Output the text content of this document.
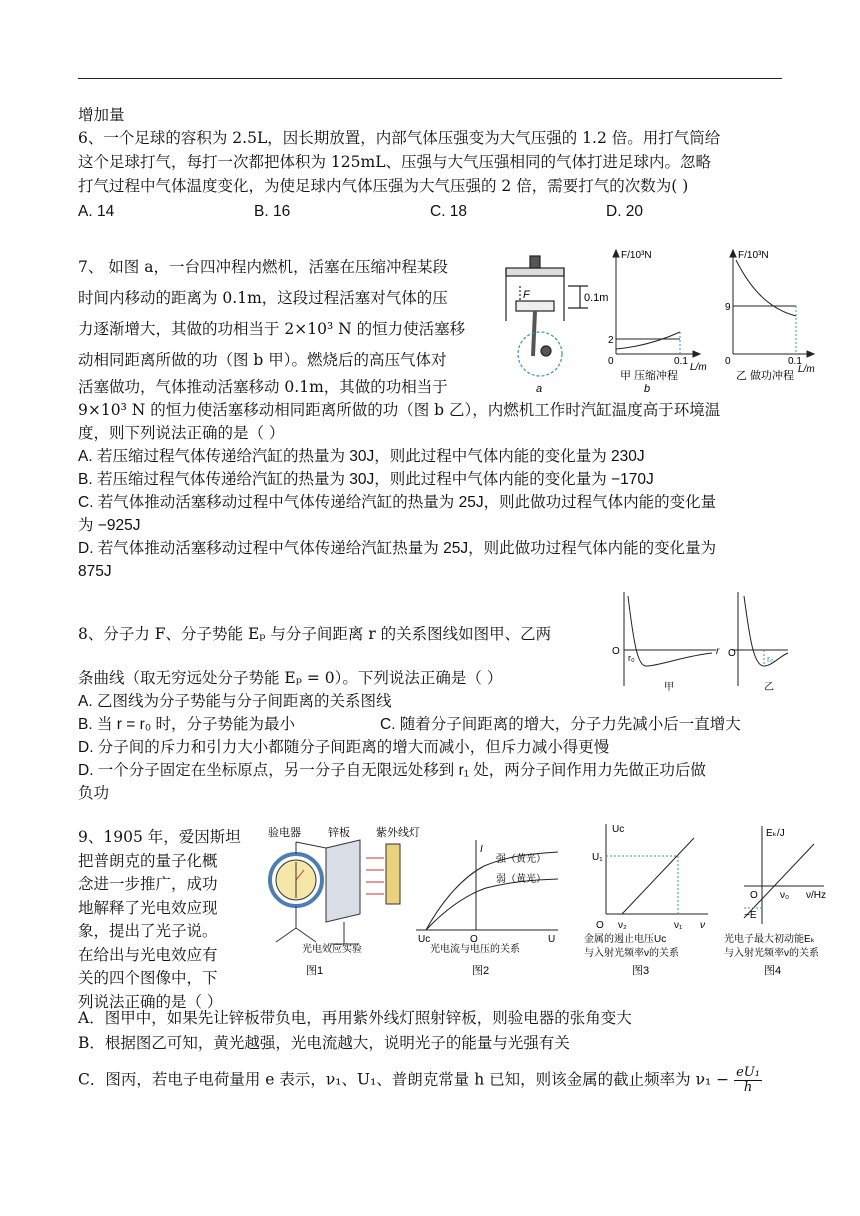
增加量
6、一个足球的容积为 2.5L，因长期放置，内部气体压强变为大气压强的 1.2 倍。用打气筒给
这个足球打气，每打一次都把体积为 125mL、压强与大气压强相同的气体打进足球内。忽略
打气过程中气体温度变化，为使足球内气体压强为大气压强的 2 倍，需要打气的次数为( )
A. 14	B. 16	C. 18	D. 20
7、 如图 a，一台四冲程内燃机，活塞在压缩冲程某段
时间内移动的距离为 0.1m，这段过程活塞对气体的压
力逐渐增大，其做的功相当于 2×10³ N 的恒力使活塞移
动相同距离所做的功（图 b 甲）。燃烧后的高压气体对
活塞做功，气体推动活塞移动 0.1m，其做的功相当于
9×10³ N 的恒力使活塞移动相同距离所做的功（图 b 乙），内燃机工作时汽缸温度高于环境温
度，则下列说法正确的是（ ）
A. 若压缩过程气体传递给汽缸的热量为 30J，则此过程中气体内能的变化量为 230J
B. 若压缩过程气体传递给汽缸的热量为 30J，则此过程中气体内能的变化量为 −170J
C. 若气体推动活塞移动过程中气体传递给汽缸的热量为 25J，则此做功过程气体内能的变化量
为 −925J
D. 若气体推动活塞移动过程中气体传递给汽缸热量为 25J，则此做功过程气体内能的变化量为
875J
F	0.1m
a
F/10³N
2
0	0.1
L/m
甲 压缩冲程
b
F/10³N
9
0	0.1
L/m
乙 做功冲程
8、分子力 F、分子势能 Eₚ 与分子间距离 r 的关系图线如图甲、乙两
条曲线（取无穷远处分子势能 Eₚ = 0）。下列说法正确是（ ）
A. 乙图线为分子势能与分子间距离的关系图线
B. 当 r = r₀ 时，分子势能为最小	C. 随着分子间距离的增大，分子力先减小后一直增大
D. 分子间的斥力和引力大小都随分子间距离的增大而减小，但斥力减小得更慢
D. 一个分子固定在坐标原点，另一分子自无限远处移到 r₁ 处，两分子间作用力先做正功后做
负功
O
r₀
r
甲
O	r₀
乙
9、1905 年，爱因斯坦
把普朗克的量子化概
念进一步推广，成功
地解释了光电效应现
象，提出了光子说。
在给出与光电效应有
关的四个图像中，下
列说法正确的是（ ）
A．图甲中，如果先让锌板带负电，再用紫外线灯照射锌板，则验电器的张角变大
B．根据图乙可知，黄光越强，光电流越大，说明光子的能量与光强有关
C．图丙，若电子电荷量用 e 表示，ν₁、U₁、普朗克常量 h 已知，则该金属的截止频率为 $\nu_1 - \frac{\text{eU₁}}{h}$
验电器 锌板 紫外线灯
光电效应实验
图1
I
强（黄光）
弱（黄光）
Uc	O	U
光电流与电压的关系
图2
Uc
U₁
O ν₂	ν₁ ν
金属的遏止电压Uc
与入射光频率ν的关系
图3
Eₖ/J
O ν₀ ν/Hz
−E
光电子最大初动能Eₖ
与入射光频率ν的关系
图4
